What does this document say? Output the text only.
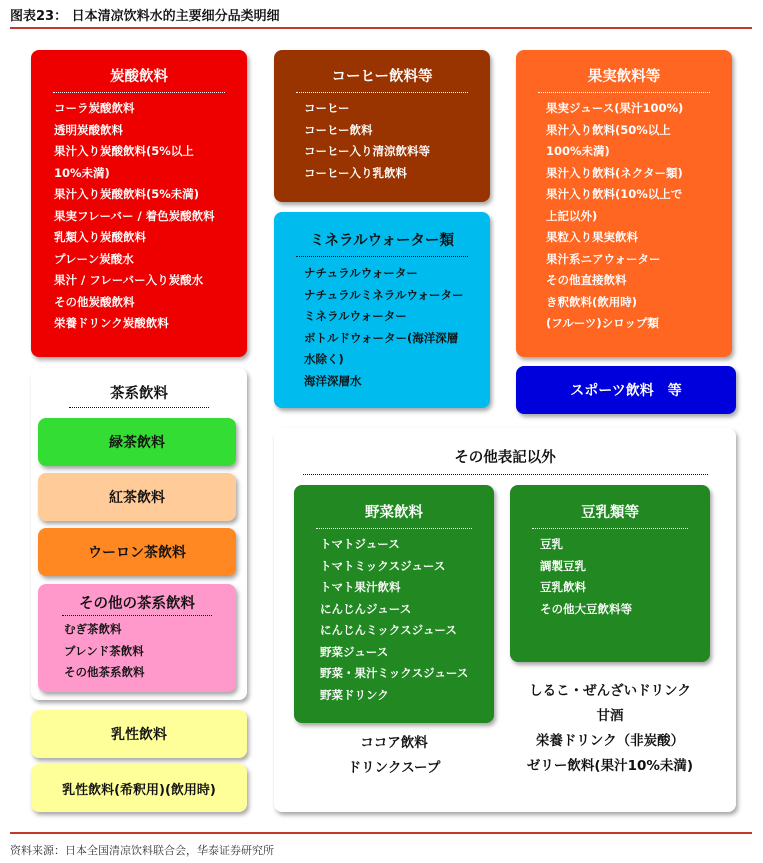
图表23： 日本清凉饮料水的主要细分品类明细
炭酸飲料
コーラ炭酸飲料
透明炭酸飲料
果汁入り炭酸飲料(5%以上
10%未満)
果汁入り炭酸飲料(5%未満)
果実フレーバー / 着色炭酸飲料
乳類入り炭酸飲料
プレーン炭酸水
果汁 / フレーバー入り炭酸水
その他炭酸飲料
栄養ドリンク炭酸飲料
コーヒー飲料等
コーヒー
コーヒー飲料
コーヒー入り清涼飲料等
コーヒー入り乳飲料
ミネラルウォーター類
ナチュラルウォーター
ナチュラルミネラルウォーター
ミネラルウォーター
ボトルドウォーター(海洋深層
水除く)
海洋深層水
果実飲料等
果実ジュース(果汁100%)
果汁入り飲料(50%以上
100%未満)
果汁入り飲料(ネクター類)
果汁入り飲料(10%以上で
上記以外)
果粒入り果実飲料
果汁系ニアウォーター
その他直接飲料
き釈飲料(飲用時)
(フルーツ)シロップ類
スポーツ飲料　等
茶系飲料
緑茶飲料
紅茶飲料
ウーロン茶飲料
その他の茶系飲料
むぎ茶飲料
ブレンド茶飲料
その他茶系飲料
乳性飲料
乳性飲料(希釈用)(飲用時)
その他表記以外
野菜飲料
トマトジュース
トマトミックスジュース
トマト果汁飲料
にんじんジュース
にんじんミックスジュース
野菜ジュース
野菜・果汁ミックスジュース
野菜ドリンク
豆乳類等
豆乳
調製豆乳
豆乳飲料
その他大豆飲料等
ココア飲料
ドリンクスープ
しるこ・ぜんざいドリンク
甘酒
栄養ドリンク（非炭酸）
ゼリー飲料(果汁10%未満)
资料来源：日本全国清凉饮料联合会，华泰证券研究所
